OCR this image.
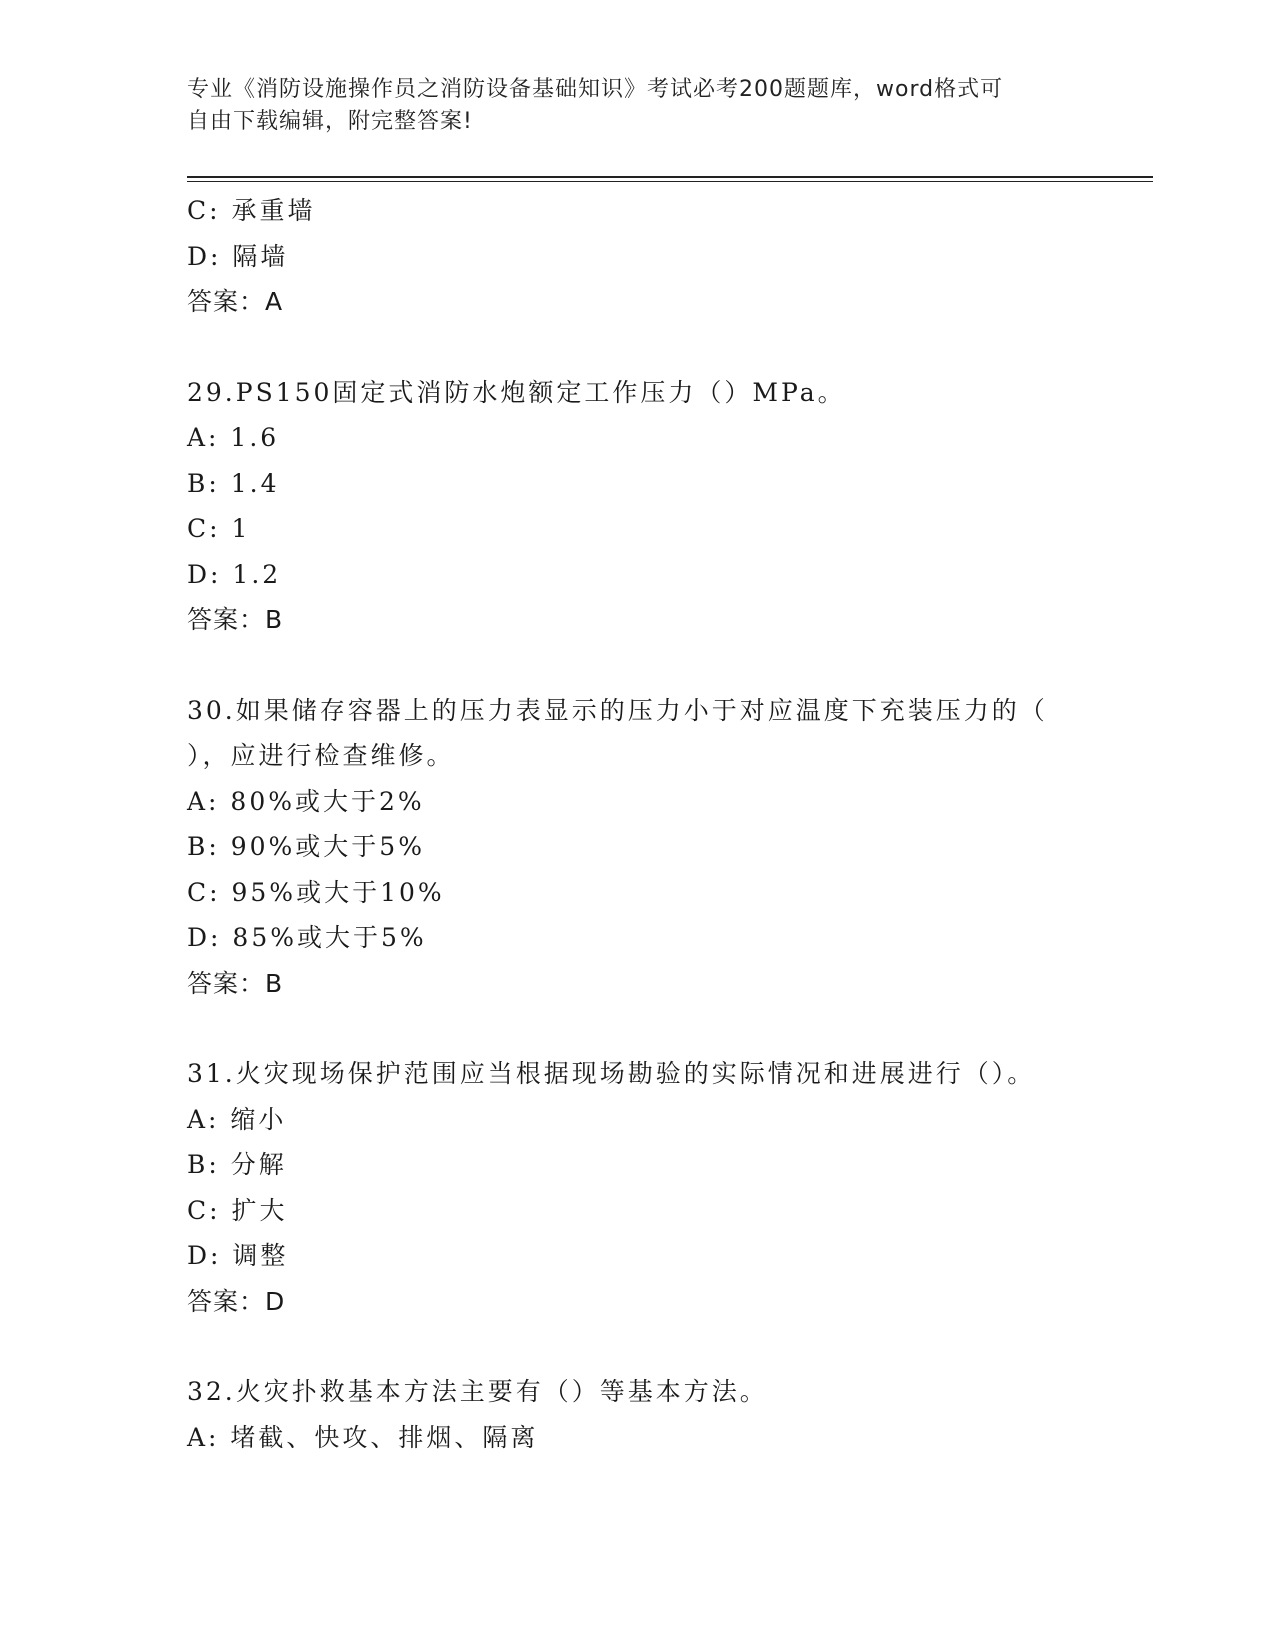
专业《消防设施操作员之消防设备基础知识》考试必考200题题库，word格式可
自由下载编辑，附完整答案!
C: 承重墙
D: 隔墙
答案：A
29.PS150固定式消防水炮额定工作压力（）MPa。
A: 1.6
B: 1.4
C: 1
D: 1.2
答案：B
30.如果储存容器上的压力表显示的压力小于对应温度下充装压力的（
），应进行检查维修。
A: 80%或大于2%
B: 90%或大于5%
C: 95%或大于10%
D: 85%或大于5%
答案：B
31.火灾现场保护范围应当根据现场勘验的实际情况和进展进行（）。
A: 缩小
B: 分解
C: 扩大
D: 调整
答案：D
32.火灾扑救基本方法主要有（）等基本方法。
A: 堵截、快攻、排烟、隔离
